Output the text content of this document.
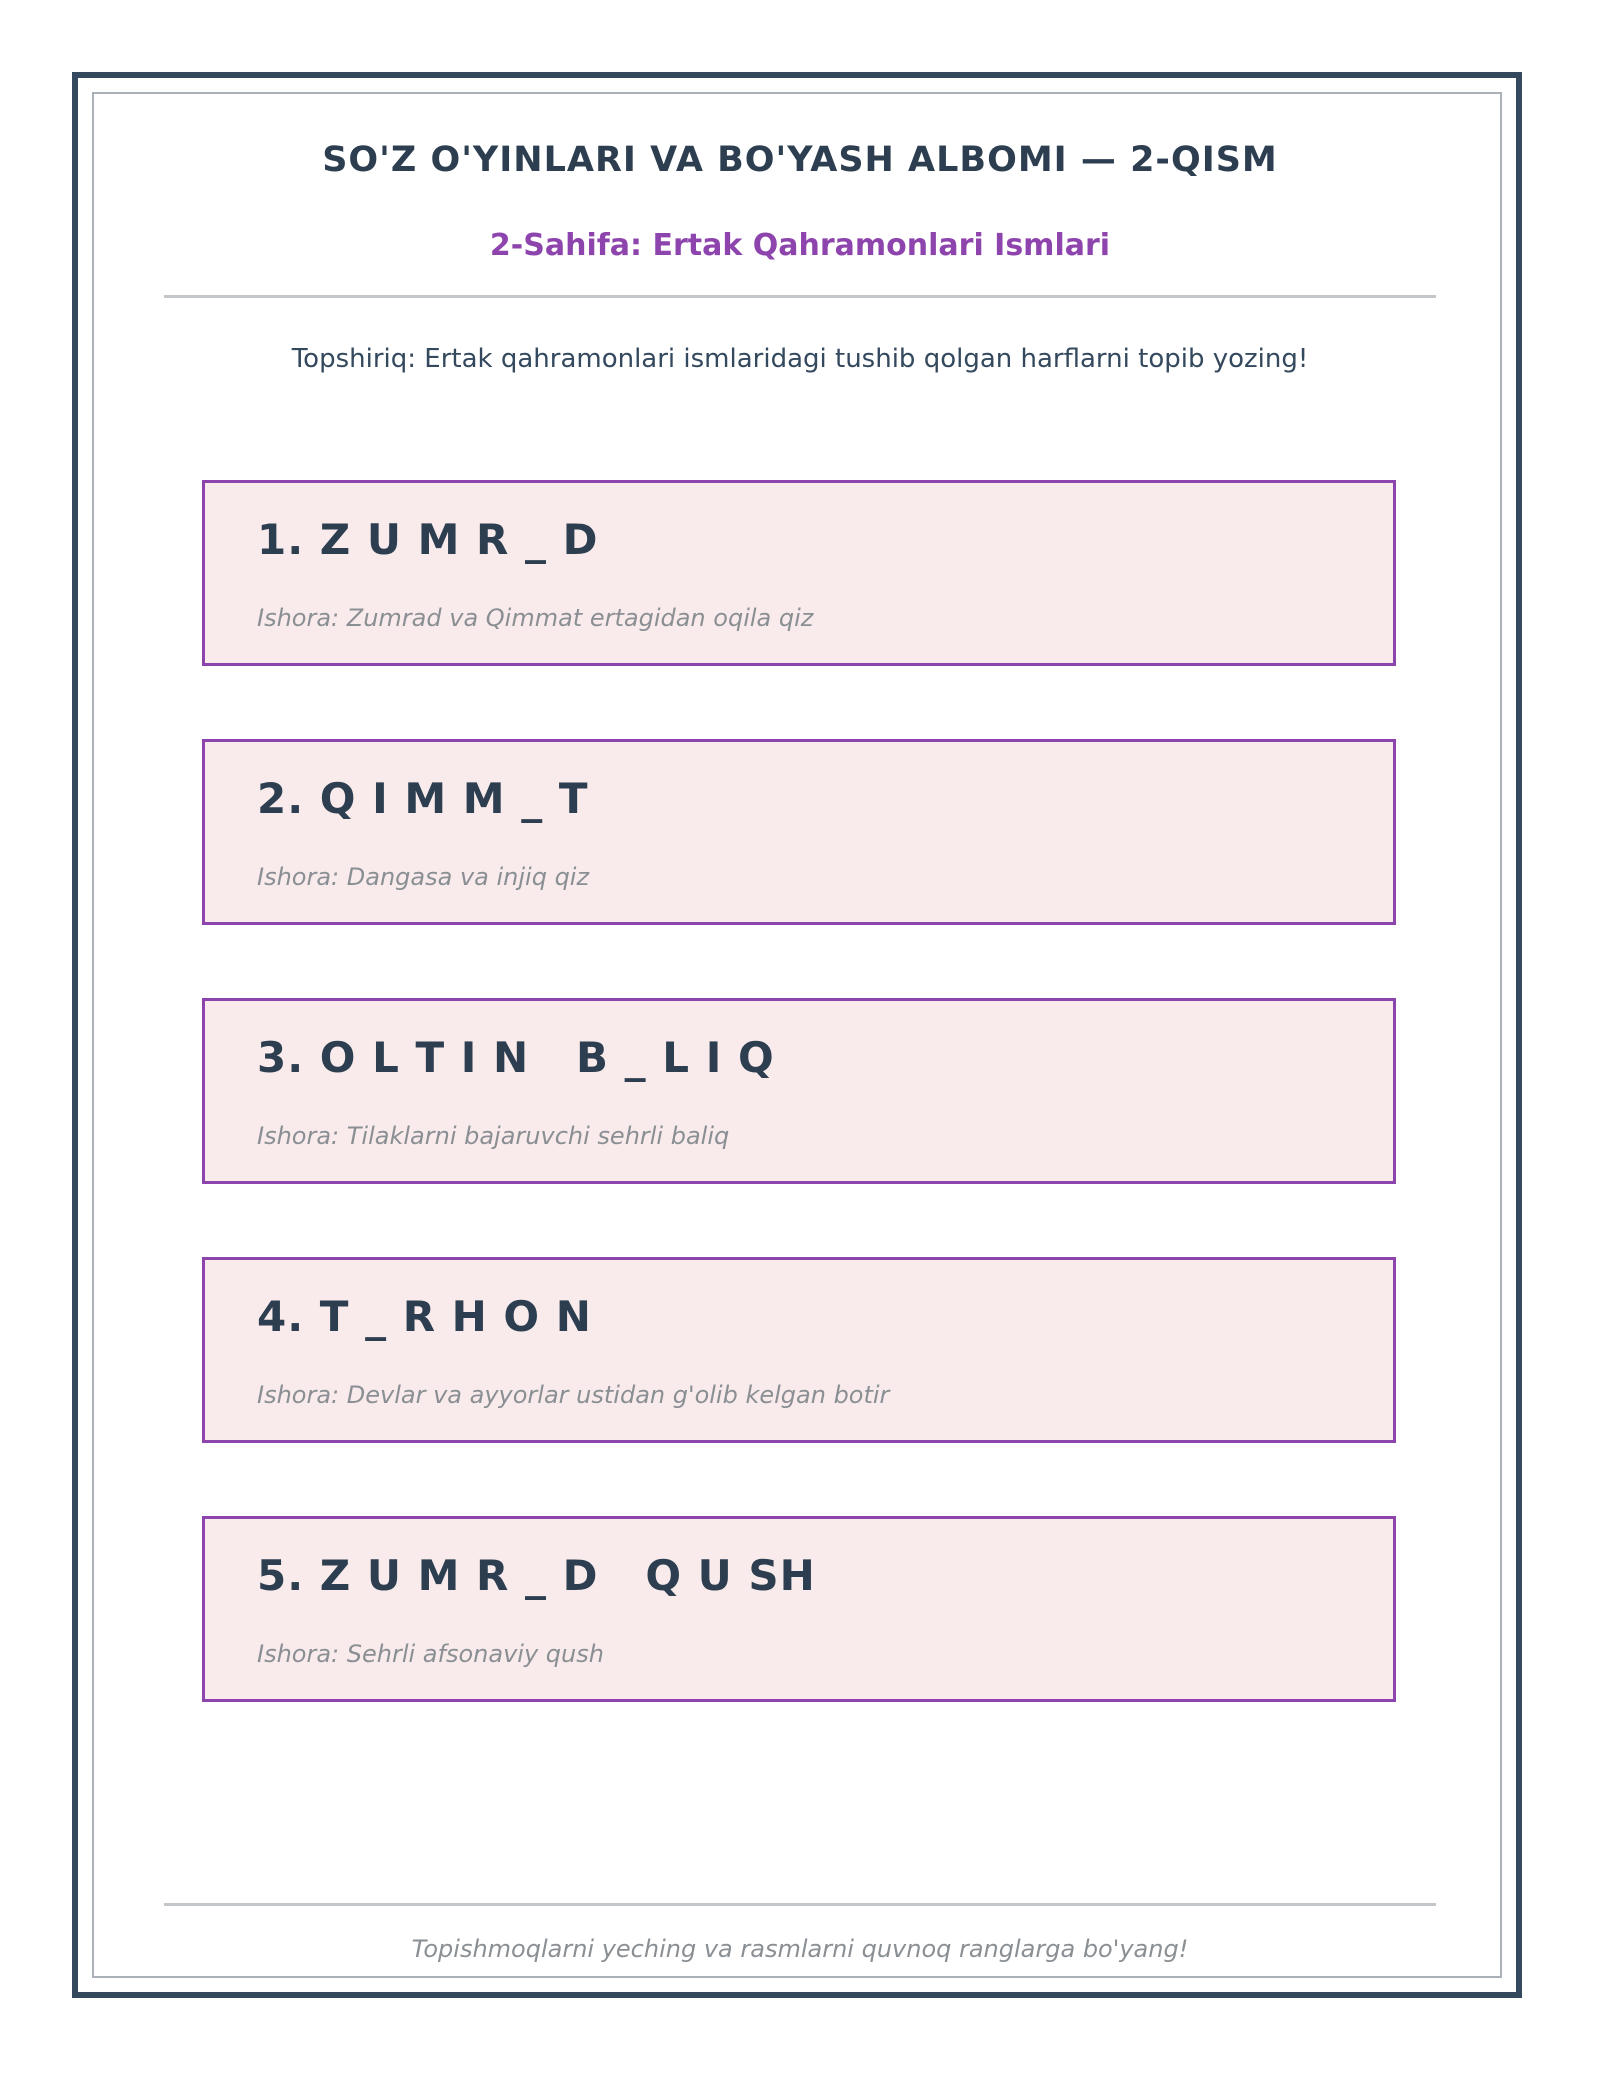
SO'Z O'YINLARI VA BO'YASH ALBOMI — 2-QISM
2-Sahifa: Ertak Qahramonlari Ismlari

Topshiriq: Ertak qahramonlari ismlaridagi tushib qolgan harflarni topib yozing!

1. Z U M R _ D
Ishora: Zumrad va Qimmat ertagidan oqila qiz
2. Q I M M _ T
Ishora: Dangasa va injiq qiz
3. O L T I N   B _ L I Q
Ishora: Tilaklarni bajaruvchi sehrli baliq
4. T _ R H O N
Ishora: Devlar va ayyorlar ustidan g'olib kelgan botir
5. Z U M R _ D   Q U SH
Ishora: Sehrli afsonaviy qush

Topishmoqlarni yeching va rasmlarni quvnoq ranglarga bo'yang!
